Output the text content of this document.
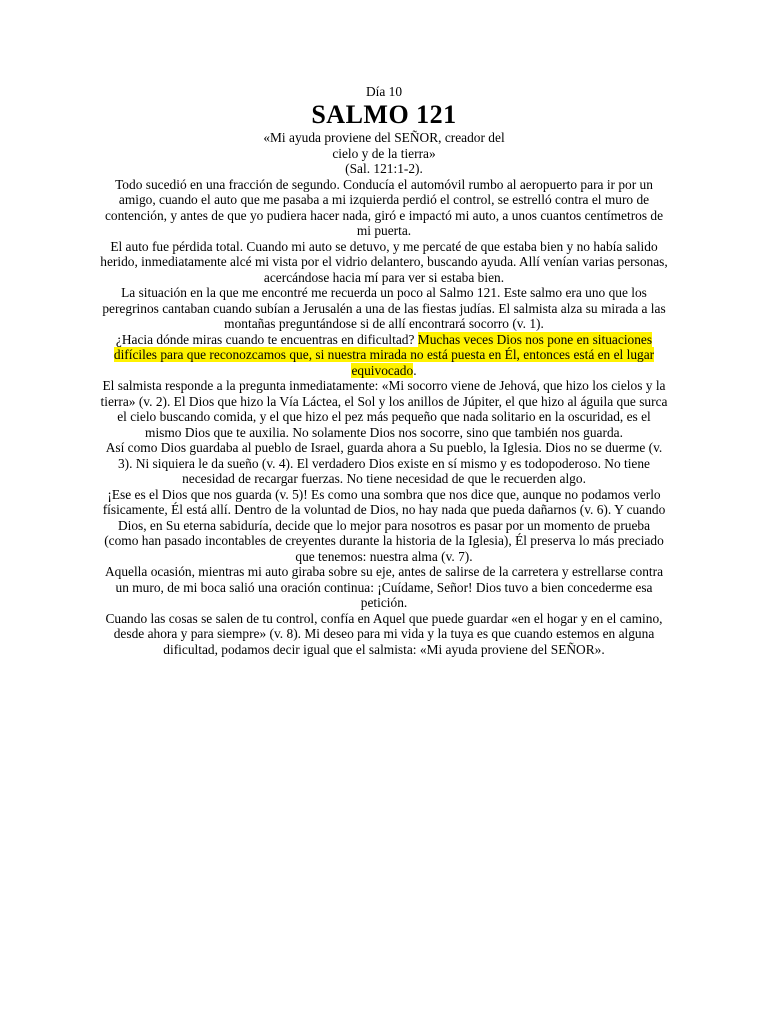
Día 10

SALMO 121

«Mi ayuda proviene del SEÑOR, creador del

cielo y de la tierra»

(Sal. 121:1-2).

Todo sucedió en una fracción de segundo. Conducía el automóvil rumbo al aeropuerto para ir por un amigo, cuando el auto que me pasaba a mi izquierda perdió el control, se estrelló contra el muro de contención, y antes de que yo pudiera hacer nada, giró e impactó mi auto, a unos cuantos centímetros de mi puerta.

El auto fue pérdida total. Cuando mi auto se detuvo, y me percaté de que estaba bien y no había salido herido, inmediatamente alcé mi vista por el vidrio delantero, buscando ayuda. Allí venían varias personas, acercándose hacia mí para ver si estaba bien.

La situación en la que me encontré me recuerda un poco al Salmo 121. Este salmo era uno que los peregrinos cantaban cuando subían a Jerusalén a una de las fiestas judías. El salmista alza su mirada a las montañas preguntándose si de allí encontrará socorro (v. 1).

¿Hacia dónde miras cuando te encuentras en dificultad? Muchas veces Dios nos pone en situaciones difíciles para que reconozcamos que, si nuestra mirada no está puesta en Él, entonces está en el lugar equivocado.

El salmista responde a la pregunta inmediatamente: «Mi socorro viene de Jehová, que hizo los cielos y la tierra» (v. 2). El Dios que hizo la Vía Láctea, el Sol y los anillos de Júpiter, el que hizo al águila que surca el cielo buscando comida, y el que hizo el pez más pequeño que nada solitario en la oscuridad, es el mismo Dios que te auxilia. No solamente Dios nos socorre, sino que también nos guarda.

Así como Dios guardaba al pueblo de Israel, guarda ahora a Su pueblo, la Iglesia. Dios no se duerme (v. 3). Ni siquiera le da sueño (v. 4). El verdadero Dios existe en sí mismo y es todopoderoso. No tiene necesidad de recargar fuerzas. No tiene necesidad de que le recuerden algo.

¡Ese es el Dios que nos guarda (v. 5)! Es como una sombra que nos dice que, aunque no podamos verlo físicamente, Él está allí. Dentro de la voluntad de Dios, no hay nada que pueda dañarnos (v. 6). Y cuando Dios, en Su eterna sabiduría, decide que lo mejor para nosotros es pasar por un momento de prueba (como han pasado incontables de creyentes durante la historia de la Iglesia), Él preserva lo más preciado que tenemos: nuestra alma (v. 7).

Aquella ocasión, mientras mi auto giraba sobre su eje, antes de salirse de la carretera y estrellarse contra un muro, de mi boca salió una oración continua: ¡Cuídame, Señor! Dios tuvo a bien concederme esa petición.

Cuando las cosas se salen de tu control, confía en Aquel que puede guardar «en el hogar y en el camino, desde ahora y para siempre» (v. 8). Mi deseo para mi vida y la tuya es que cuando estemos en alguna dificultad, podamos decir igual que el salmista: «Mi ayuda proviene del SEÑOR».
